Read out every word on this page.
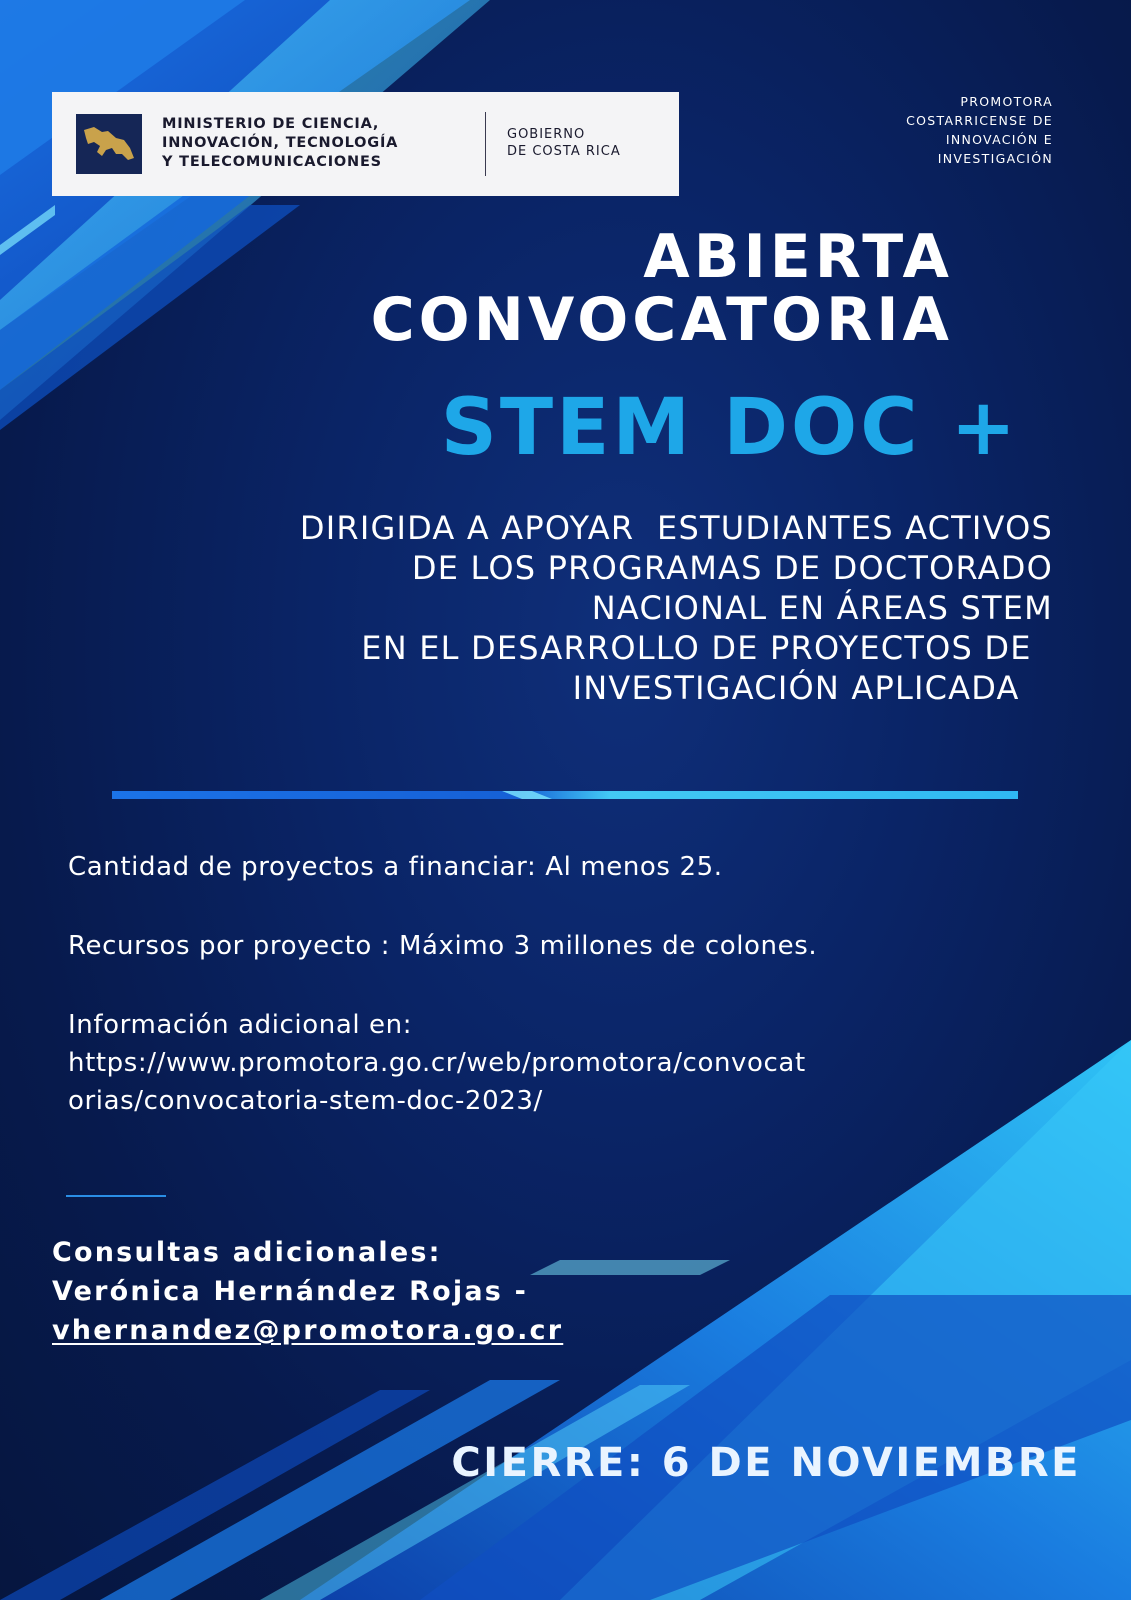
MINISTERIO DE CIENCIA,
INNOVACIÓN, TECNOLOGÍA
Y TELECOMUNICACIONES
GOBIERNO
DE COSTA RICA
PROMOTORA
COSTARRICENSE DE
INNOVACIÓN E
INVESTIGACIÓN
ABIERTA
CONVOCATORIA
STEM DOC +
DIRIGIDA A APOYAR  ESTUDIANTES ACTIVOS
DE LOS PROGRAMAS DE DOCTORADO
NACIONAL EN ÁREAS STEM
EN EL DESARROLLO DE PROYECTOS DE
INVESTIGACIÓN APLICADA
Cantidad de proyectos a financiar: Al menos 25.
Recursos por proyecto : Máximo 3 millones de colones.
Información adicional en:
https://www.promotora.go.cr/web/promotora/convocat
orias/convocatoria-stem-doc-2023/
Consultas adicionales:
Verónica Hernández Rojas -
vhernandez@promotora.go.cr
CIERRE: 6 DE NOVIEMBRE
